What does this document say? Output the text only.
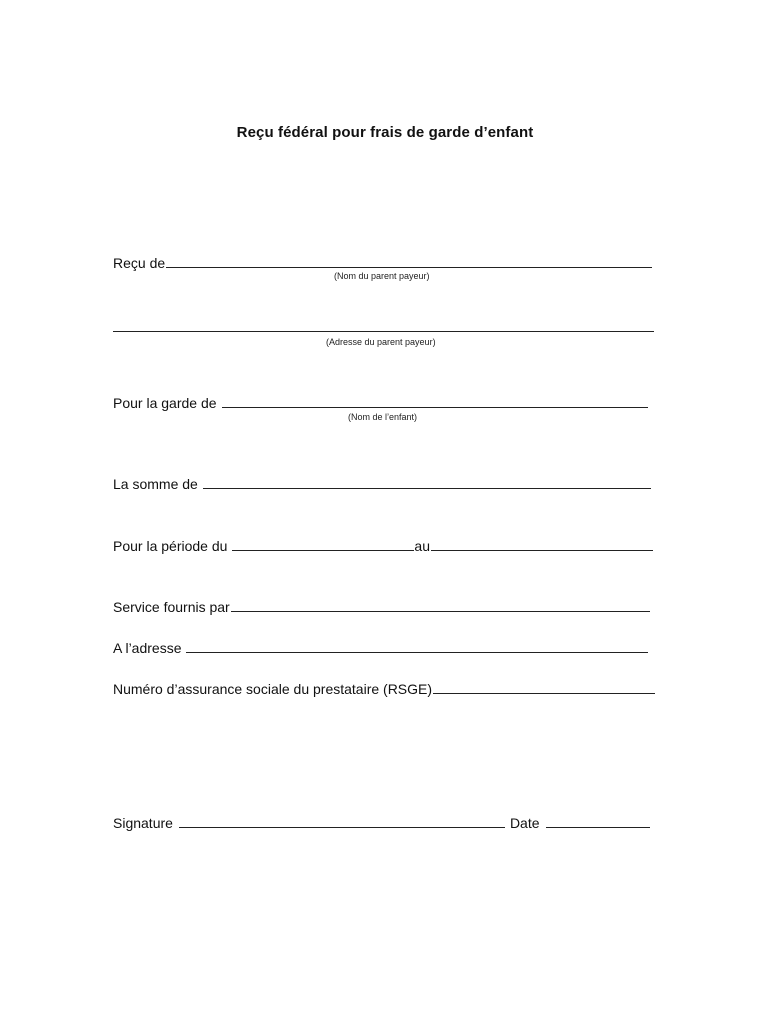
Reçu fédéral pour frais de garde d’enfant
Reçu de
(Nom du parent payeur)
(Adresse du parent payeur)
Pour la garde de
(Nom de l’enfant)
La somme de
Pour la période du	au
Service fournis par
A l’adresse
Numéro d’assurance sociale du prestataire (RSGE)
Signature	Date
